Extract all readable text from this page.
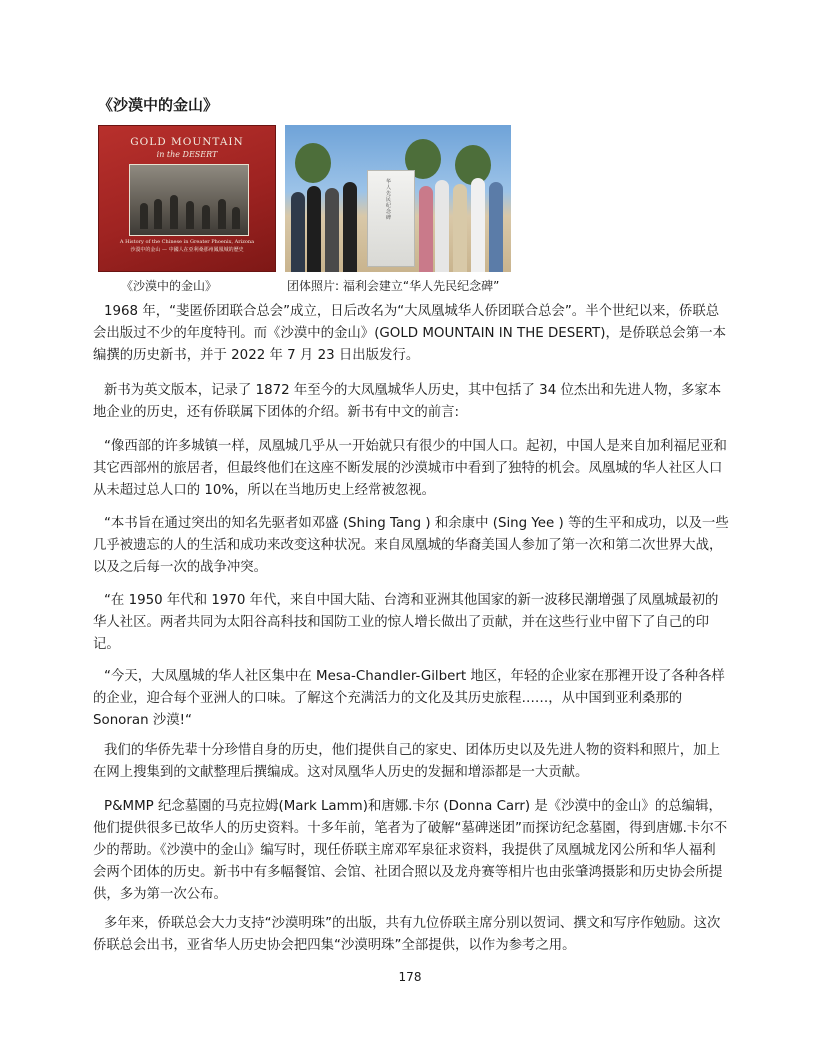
《沙漠中的金山》
GOLD MOUNTAIN
in the DESERT
A History of the Chinese in Greater Phoenix, Arizona
沙漠中的金山 — 中國人在亞利桑那州鳳凰城的歷史
华人先民纪念碑
《沙漠中的金山》	团体照片: 福利会建立“华人先民纪念碑”

1968 年，“斐匿侨团联合总会”成立，日后改名为“大凤凰城华人侨团联合总会”。半个世纪以来，侨联总会出版过不少的年度特刊。而《沙漠中的金山》(GOLD MOUNTAIN IN THE DESERT)，是侨联总会第一本编撰的历史新书，并于 2022 年 7 月 23 日出版发行。

新书为英文版本，记录了 1872 年至今的大凤凰城华人历史，其中包括了 34 位杰出和先进人物，多家本地企业的历史，还有侨联属下团体的介绍。新书有中文的前言:

“像西部的许多城镇一样，凤凰城几乎从一开始就只有很少的中国人口。起初，中国人是来自加利福尼亚和其它西部州的旅居者，但最终他们在这座不断发展的沙漠城市中看到了独特的机会。凤凰城的华人社区人口从未超过总人口的 10%，所以在当地历史上经常被忽视。

“本书旨在通过突出的知名先驱者如邓盛 (Shing Tang ) 和余康中 (Sing Yee ) 等的生平和成功，以及一些几乎被遗忘的人的生活和成功来改变这种状况。来自凤凰城的华裔美国人参加了第一次和第二次世界大战，以及之后每一次的战争冲突。

“在 1950 年代和 1970 年代，来自中国大陆、台湾和亚洲其他国家的新一波移民潮增强了凤凰城最初的华人社区。两者共同为太阳谷高科技和国防工业的惊人增长做出了贡献，并在这些行业中留下了自己的印记。

“今天，大凤凰城的华人社区集中在 Mesa-Chandler-Gilbert 地区，年轻的企业家在那裡开设了各种各样的企业，迎合每个亚洲人的口味。了解这个充满活力的文化及其历史旅程……，从中国到亚利桑那的 Sonoran 沙漠!“

我们的华侨先辈十分珍惜自身的历史，他们提供自己的家史、团体历史以及先进人物的资料和照片，加上在网上搜集到的文献整理后撰编成。这对凤凰华人历史的发掘和增添都是一大贡献。

P&MMP 纪念墓園的马克拉姆(Mark Lamm)和唐娜.卡尔 (Donna Carr) 是《沙漠中的金山》的总编辑，他们提供很多已故华人的历史资料。十多年前，笔者为了破解“墓碑迷团”而探访纪念墓園，得到唐娜.卡尔不少的帮助。《沙漠中的金山》编写时，现任侨联主席邓军泉征求资料，我提供了凤凰城龙冈公所和华人福利会两个团体的历史。新书中有多幅餐馆、会馆、社团合照以及龙舟赛等相片也由张肇鸿摄影和历史协会所提供，多为第一次公布。

多年来，侨联总会大力支持“沙漠明珠”的出版，共有九位侨联主席分别以贺词、撰文和写序作勉励。这次侨联总会出书，亚省华人历史协会把四集“沙漠明珠”全部提供，以作为参考之用。

178
